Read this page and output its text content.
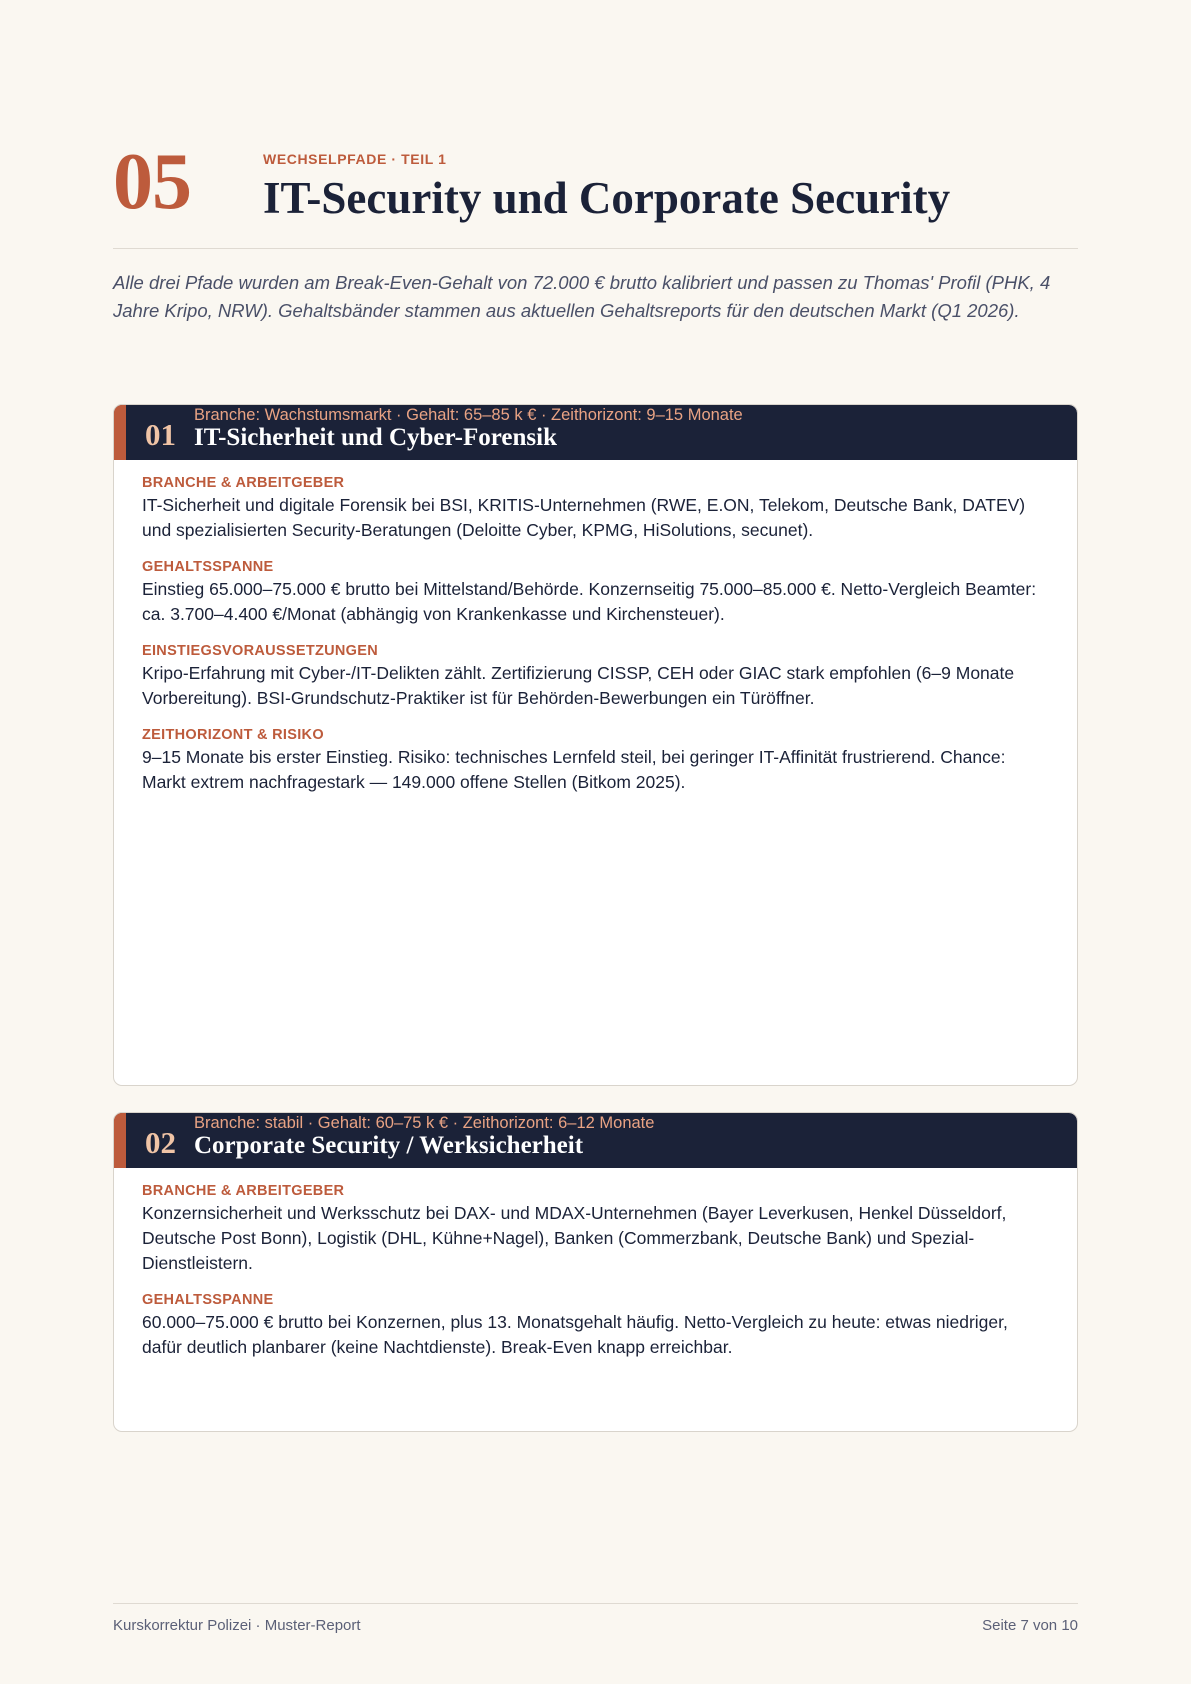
05	WECHSELPFADE · TEIL 1
IT-Security und Corporate Security
Alle drei Pfade wurden am Break-Even-Gehalt von 72.000 € brutto kalibriert und passen zu Thomas' Profil (PHK, 4 Jahre Kripo, NRW). Gehaltsbänder stammen aus aktuellen Gehaltsreports für den deutschen Markt (Q1 2026).
01
Branche: Wachstumsmarkt · Gehalt: 65–85 k € · Zeithorizont: 9–15 Monate
IT-Sicherheit und Cyber-Forensik
BRANCHE & ARBEITGEBER
IT-Sicherheit und digitale Forensik bei BSI, KRITIS-Unternehmen (RWE, E.ON, Telekom, Deutsche Bank, DATEV) und spezialisierten Security-Beratungen (Deloitte Cyber, KPMG, HiSolutions, secunet).
GEHALTSSPANNE
Einstieg 65.000–75.000 € brutto bei Mittelstand/Behörde. Konzernseitig 75.000–85.000 €. Netto-Vergleich Beamter: ca. 3.700–4.400 €/Monat (abhängig von Krankenkasse und Kirchensteuer).
EINSTIEGSVORAUSSETZUNGEN
Kripo-Erfahrung mit Cyber-/IT-Delikten zählt. Zertifizierung CISSP, CEH oder GIAC stark empfohlen (6–9 Monate Vorbereitung). BSI-Grundschutz-Praktiker ist für Behörden-Bewerbungen ein Türöffner.
ZEITHORIZONT & RISIKO
9–15 Monate bis erster Einstieg. Risiko: technisches Lernfeld steil, bei geringer IT-Affinität frustrierend. Chance: Markt extrem nachfragestark — 149.000 offene Stellen (Bitkom 2025).
02
Branche: stabil · Gehalt: 60–75 k € · Zeithorizont: 6–12 Monate
Corporate Security / Werksicherheit
BRANCHE & ARBEITGEBER
Konzernsicherheit und Werksschutz bei DAX- und MDAX-Unternehmen (Bayer Leverkusen, Henkel Düsseldorf, Deutsche Post Bonn), Logistik (DHL, Kühne+Nagel), Banken (Commerzbank, Deutsche Bank) und Spezial-Dienstleistern.
GEHALTSSPANNE
60.000–75.000 € brutto bei Konzernen, plus 13. Monatsgehalt häufig. Netto-Vergleich zu heute: etwas niedriger, dafür deutlich planbarer (keine Nachtdienste). Break-Even knapp erreichbar.
Kurskorrektur Polizei · Muster-Report	Seite 7 von 10
